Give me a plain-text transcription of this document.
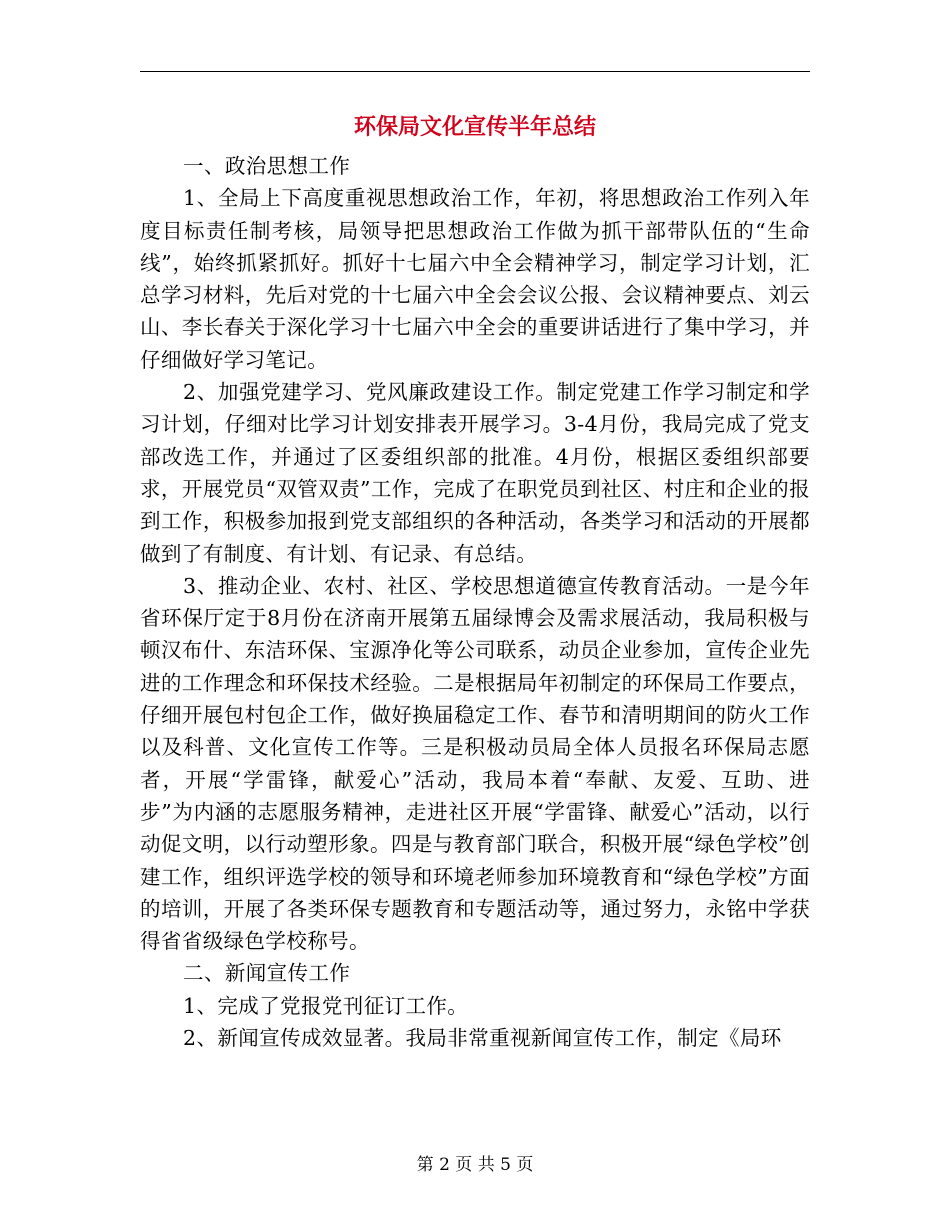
环保局文化宣传半年总结

一、政治思想工作

1、全局上下高度重视思想政治工作，年初，将思想政治工作列入年度目标责任制考核，局领导把思想政治工作做为抓干部带队伍的“生命线”，始终抓紧抓好。抓好十七届六中全会精神学习，制定学习计划，汇总学习材料，先后对党的十七届六中全会会议公报、会议精神要点、刘云山、李长春关于深化学习十七届六中全会的重要讲话进行了集中学习，并仔细做好学习笔记。

2、加强党建学习、党风廉政建设工作。制定党建工作学习制定和学习计划，仔细对比学习计划安排表开展学习。3-4月份，我局完成了党支部改选工作，并通过了区委组织部的批准。4月份，根据区委组织部要求，开展党员“双管双责”工作，完成了在职党员到社区、村庄和企业的报到工作，积极参加报到党支部组织的各种活动，各类学习和活动的开展都做到了有制度、有计划、有记录、有总结。

3、推动企业、农村、社区、学校思想道德宣传教育活动。一是今年省环保厅定于8月份在济南开展第五届绿博会及需求展活动，我局积极与顿汉布什、东洁环保、宝源净化等公司联系，动员企业参加，宣传企业先进的工作理念和环保技术经验。二是根据局年初制定的环保局工作要点，仔细开展包村包企工作，做好换届稳定工作、春节和清明期间的防火工作以及科普、文化宣传工作等。三是积极动员局全体人员报名环保局志愿者，开展“学雷锋，献爱心”活动，我局本着“奉献、友爱、互助、进步”为内涵的志愿服务精神，走进社区开展“学雷锋、献爱心”活动，以行动促文明，以行动塑形象。四是与教育部门联合，积极开展“绿色学校”创建工作，组织评选学校的领导和环境老师参加环境教育和“绿色学校”方面的培训，开展了各类环保专题教育和专题活动等，通过努力，永铭中学获得省省级绿色学校称号。

二、新闻宣传工作

1、完成了党报党刊征订工作。

2、新闻宣传成效显著。我局非常重视新闻宣传工作，制定《局环

第 2 页 共 5 页
